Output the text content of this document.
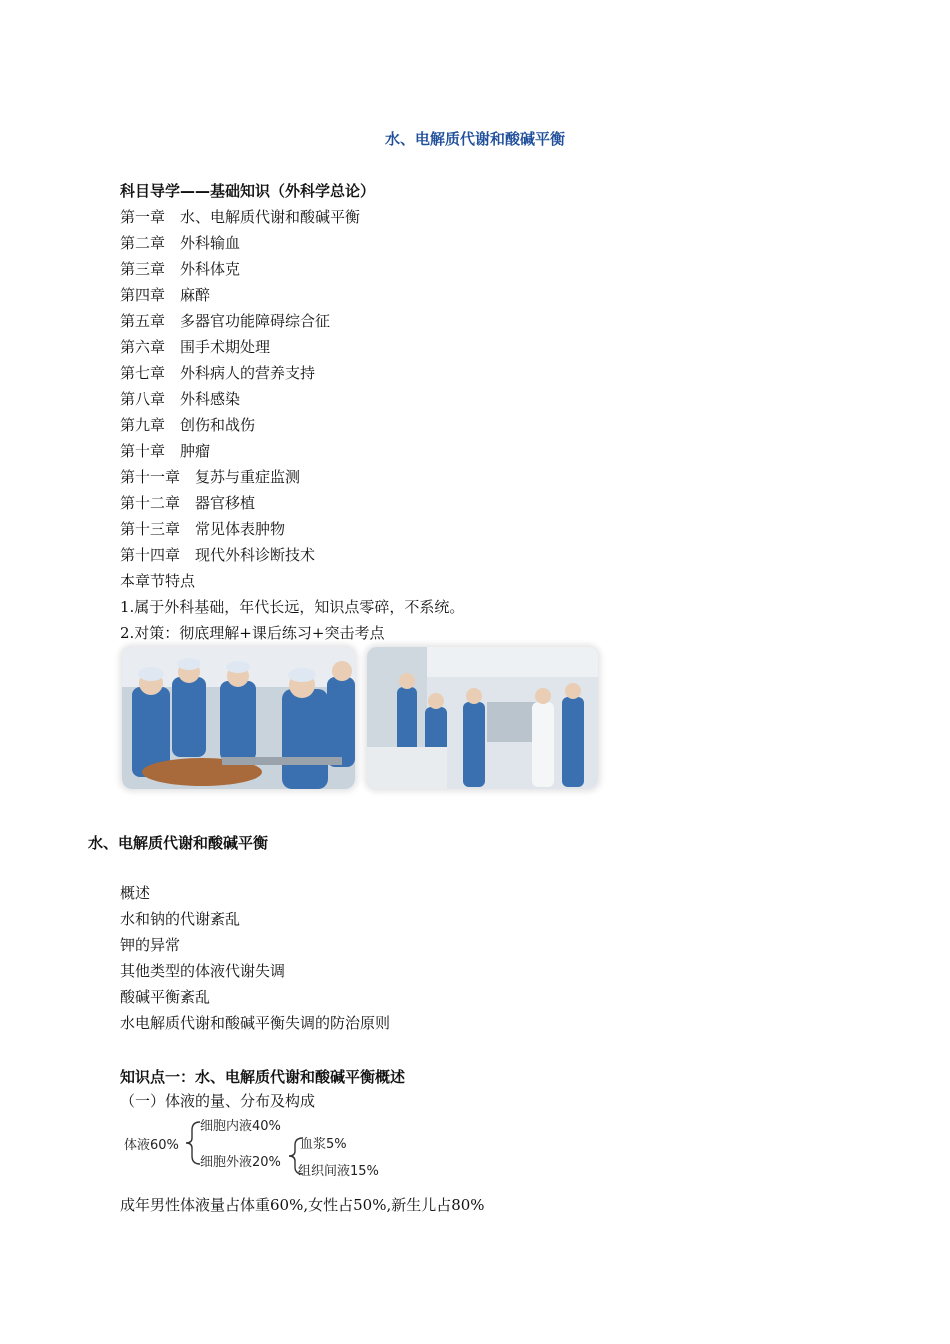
水、电解质代谢和酸碱平衡
科目导学——基础知识（外科学总论）
第一章 水、电解质代谢和酸碱平衡
第二章 外科输血
第三章 外科体克
第四章 麻醉
第五章 多器官功能障碍综合征
第六章 围手术期处理
第七章 外科病人的营养支持
第八章 外科感染
第九章 创伤和战伤
第十章 肿瘤
第十一章 复苏与重症监测
第十二章 器官移植
第十三章 常见体表肿物
第十四章 现代外科诊断技术
本章节特点
1.属于外科基础，年代长远，知识点零碎，不系统。
2.对策：彻底理解+课后练习+突击考点
水、电解质代谢和酸碱平衡
概述
水和钠的代谢紊乱
钾的异常
其他类型的体液代谢失调
酸碱平衡紊乱
水电解质代谢和酸碱平衡失调的防治原则
知识点一：水、电解质代谢和酸碱平衡概述
（一）体液的量、分布及构成
体液60%
细胞内液40%
细胞外液20%
血浆5%
组织间液15%
成年男性体液量占体重60%,女性占50%,新生儿占80%
